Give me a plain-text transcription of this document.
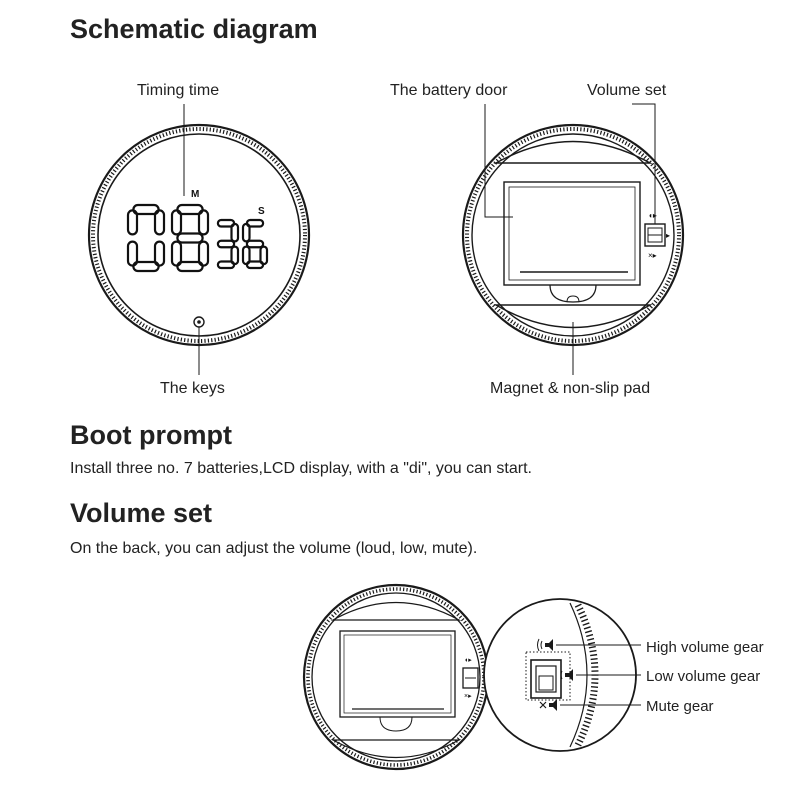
Schematic diagram
Boot prompt

Install three no. 7 batteries,LCD display, with a "di", you can start.

Volume set

On the back, you can adjust the volume (loud, low, mute).

Timing time
The keys
The battery door	Volume set
Magnet & non-slip pad
High volume gear
Low volume gear
Mute gear
M
S	◖▸
▸
×▸
◖▸
×▸
